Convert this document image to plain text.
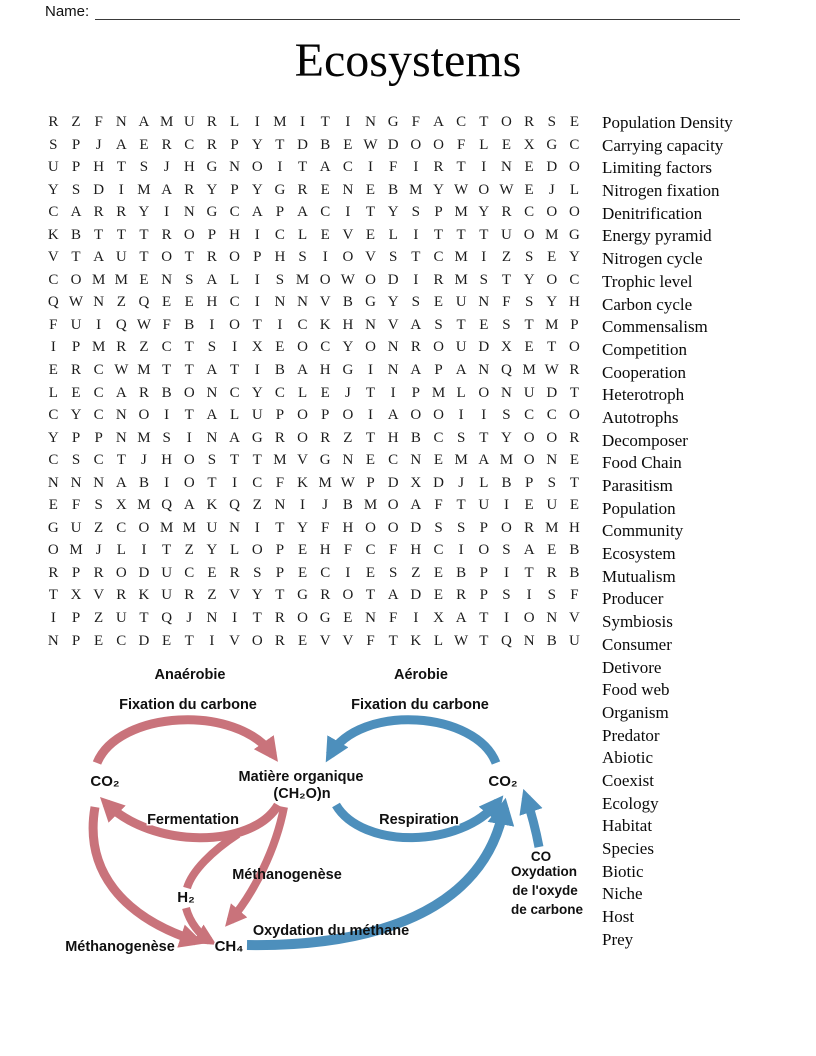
Name:
Ecosystems
R Z F N A M U R L	I M I	T	I N G F A C T O R S E
S P	J A E R C R P Y T D B E W D O O F L E X G C
U P H T S	J H G N O I	T A C	I	F	I	R T	I N E D O
Y S D I M A R Y P Y G R E N E B M Y W O W E	J	L
C A R R Y I N G C A P A C	I	T Y S P M Y R C O O
K B T T T R O P H I	C L E V E L	I	T T T U O M G
V T A U T O T R O P H S	I O V S T C M I	Z S E Y
C O M M E N S A L	I	S M O W O D I	R M S T Y O C
Q W N Z Q E E H C	I N N V B G Y S E U N F S Y H
F U I Q W F B	I O T	I	C K H N V A S T E S T M P
I	P M R Z C T S	I X E O C Y O N R O U D X E T O
E R C W M T T A T	I	B A H G I N A P A N Q M W R
L E C A R B O N C Y C L E	J	T	I	P M L O N U D T
C Y C N O I	T A L U P O P O I A O O I	I	S C C O
Y P P N M S	I N A G R O R Z T H B C S T Y O O R
C S C T	J H O S T T M V G N E C N E M A M O N E
N N N A B	I O T	I	C F K M W P D X D J	L B P S T
E F S X M Q A K Q Z N I	J B M O A F T U I	E U E
G U Z C O M M U N I	T Y F H O O D S S P O R M H
O M J	L	I	T Z Y L O P E H F C F H C	I O S A E B
R P R O D U C E R S P E C	I	E S Z E B P	I	T R B
T X V R K U R Z V Y T G R O T A D E R P S	I	S F
I	P Z U T Q J N I	T R O G E N F	I X A T	I O N V
N P E C D E T	I V O R E V V F T K L W T Q N B U
Population Density
Carrying capacity
Limiting factors
Nitrogen fixation
Denitrification
Energy pyramid
Nitrogen cycle
Trophic level
Carbon cycle
Commensalism
Competition
Cooperation
Heterotroph
Autotrophs
Decomposer
Food Chain
Parasitism
Population
Community
Ecosystem
Mutualism
Producer
Symbiosis
Consumer
Detivore
Food web
Organism
Predator
Abiotic
Coexist
Ecology
Habitat
Species
Biotic
Niche
Host
Prey
Anaérobie	Aérobie
Fixation du carbone	Fixation du carbone
CO₂	CO₂
Matière organique
(CH₂O)n
Fermentation	Respiration
Méthanogenèse
H₂
CO
Oxydation
de l'oxyde
de carbone
Oxydation du méthane
Méthanogenèse	CH₄
